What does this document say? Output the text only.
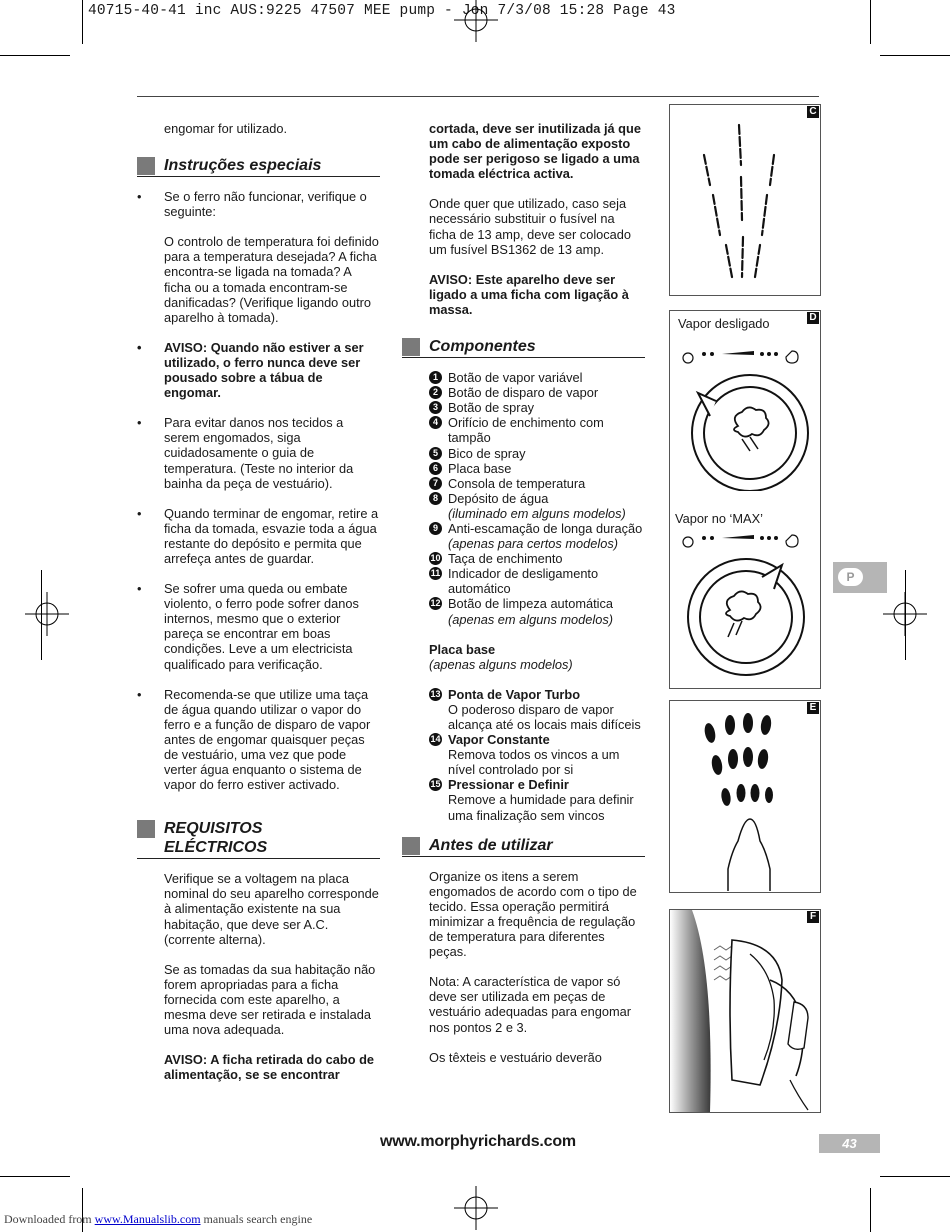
40715-40-41 inc AUS:9225 47507 MEE pump - Jon 7/3/08 15:28 Page 43

engomar for utilizado.

Instruções especiais
• Se o ferro não funcionar, verifique o seguinte:
O controlo de temperatura foi definido para a temperatura desejada? A ficha encontra-se ligada na tomada? A ficha ou a tomada encontram-se danificadas? (Verifique ligando outro aparelho à tomada).
• AVISO: Quando não estiver a ser utilizado, o ferro nunca deve ser pousado sobre a tábua de engomar.
• Para evitar danos nos tecidos a serem engomados, siga cuidadosamente o guia de temperatura. (Teste no interior da bainha da peça de vestuário).
• Quando terminar de engomar, retire a ficha da tomada, esvazie toda a água restante do depósito e permita que arrefeça antes de guardar.
• Se sofrer uma queda ou embate violento, o ferro pode sofrer danos internos, mesmo que o exterior pareça se encontrar em boas condições. Leve a um electricista qualificado para verificação.
• Recomenda-se que utilize uma taça de água quando utilizar o vapor do ferro e a função de disparo de vapor antes de engomar quaisquer peças de vestuário, uma vez que pode verter água enquanto o sistema de vapor do ferro estiver activado.
REQUISITOS
ELÉCTRICOS

Verifique se a voltagem na placa nominal do seu aparelho corresponde à alimentação existente na sua habitação, que deve ser A.C. (corrente alterna).

Se as tomadas da sua habitação não forem apropriadas para a ficha fornecida com este aparelho, a mesma deve ser retirada e instalada uma nova adequada.

AVISO: A ficha retirada do cabo de alimentação, se se encontrar

cortada, deve ser inutilizada já que um cabo de alimentação exposto pode ser perigoso se ligado a uma tomada eléctrica activa.

Onde quer que utilizado, caso seja necessário substituir o fusível na ficha de 13 amp, deve ser colocado um fusível BS1362 de 13 amp.

AVISO: Este aparelho deve ser ligado a uma ficha com ligação à massa.

Componentes
1 Botão de vapor variável
2 Botão de disparo de vapor
3 Botão de spray
4 Orifício de enchimento com tampão
5 Bico de spray
6 Placa base
7 Consola de temperatura
8 Depósito de água
(iluminado em alguns modelos)
9 Anti-escamação de longa duração
(apenas para certos modelos)
10 Taça de enchimento
11 Indicador de desligamento automático
12 Botão de limpeza automática
(apenas em alguns modelos)
Placa base
(apenas alguns modelos)
13 Ponta de Vapor Turbo
O poderoso disparo de vapor alcança até os locais mais difíceis
14 Vapor Constante
Remova todos os vincos a um nível controlado por si
15 Pressionar e Definir
Remove a humidade para definir uma finalização sem vincos
Antes de utilizar

Organize os itens a serem engomados de acordo com o tipo de tecido. Essa operação permitirá minimizar a frequência de regulação de temperatura para diferentes peças.

Nota: A característica de vapor só deve ser utilizada em peças de vestuário adequadas para engomar nos pontos 2 e 3.

Os têxteis e vestuário deverão

C
D
Vapor desligado
Vapor no ‘MAX’
E
F
P
www.morphyrichards.com	43
Downloaded from www.Manualslib.com manuals search engine
